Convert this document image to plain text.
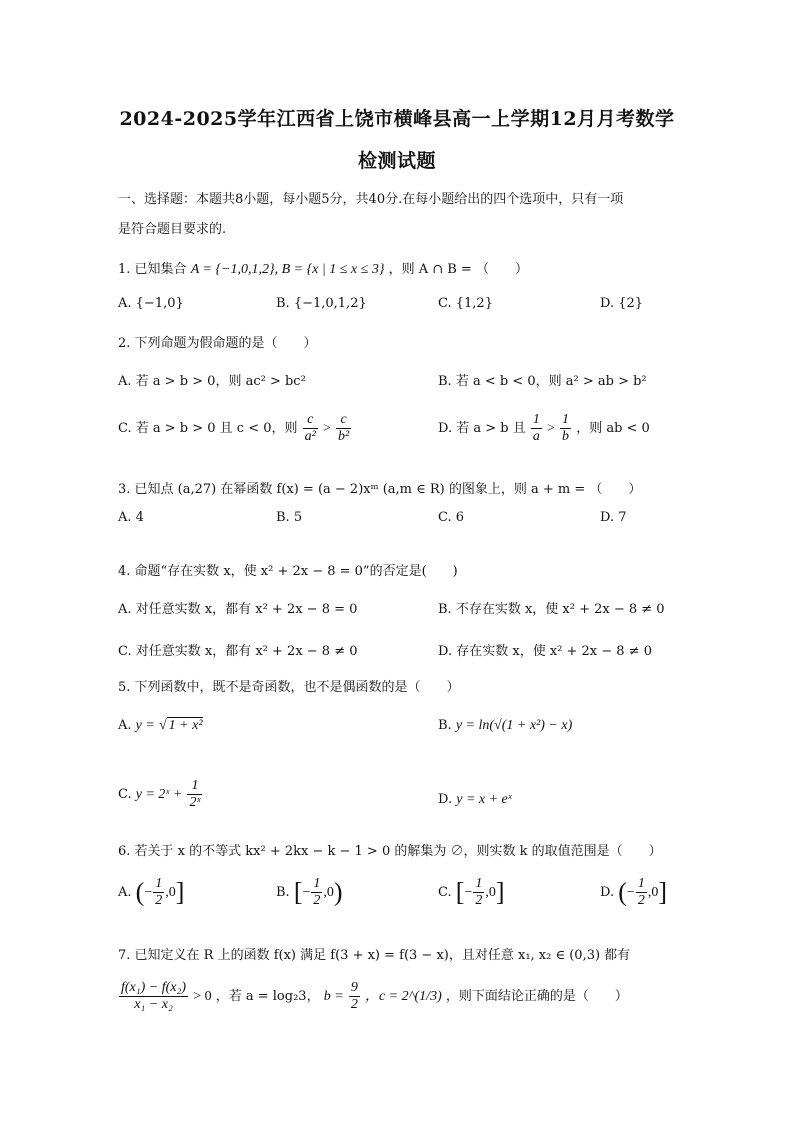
2024-2025学年江西省上饶市横峰县高一上学期12月月考数学
检测试题
一、选择题：本题共8小题，每小题5分，共40分.在每小题给出的四个选项中，只有一项
是符合题目要求的.
1. 已知集合 A = {−1,0,1,2}, B = {x | 1 ≤ x ≤ 3} ，则 A ∩ B = （　　）
A. {−1,0}	B. {−1,0,1,2}	C. {1,2}	D. {2}
2. 下列命题为假命题的是（　　）
A. 若 a > b > 0，则 ac² > bc²	B. 若 a < b < 0，则 a² > ab > b²
C. 若 a > b > 0 且 c < 0，则 $\frac{c}{\text{a²}} > \frac{c}{\text{b²}}$	D. 若 a > b 且 $\frac{1}{a} > \frac{1}{b}$ ，则 ab < 0
3. 已知点 (a,27) 在幂函数 f(x) = (a − 2)xᵐ (a,m ∈ R) 的图象上，则 a + m = （　　）
A. 4	B. 5	C. 6	D. 7
4. 命题“存在实数 x，使 x² + 2x − 8 = 0”的否定是(　　)
A. 对任意实数 x，都有 x² + 2x − 8 = 0	B. 不存在实数 x，使 x² + 2x − 8 ≠ 0
C. 对任意实数 x，都有 x² + 2x − 8 ≠ 0	D. 存在实数 x，使 x² + 2x − 8 ≠ 0
5. 下列函数中，既不是奇函数，也不是偶函数的是（　　）
A. y = √ 1 + x²	B. y = ln(√(1 + x²) − x)
C. y = 2ˣ + $\frac{1}{\text{2ˣ}}$	D. y = x + eˣ
6. 若关于 x 的不等式 kx² + 2kx − k − 1 > 0 的解集为 ∅，则实数 k 的取值范围是（　　）
A. (− $\frac{1}{2} ,0$]	B. [− $\frac{1}{2} ,0$)	C. [− $\frac{1}{2} ,0$]	D. (− $\frac{1}{2} ,0$]
7. 已知定义在 R 上的函数 f(x) 满足 f(3 + x) = f(3 − x)，且对任意 x₁, x₂ ∈ (0,3) 都有
$\frac{\text{f(x₁) − f(x₂)}}{\text{x₁ − x₂}} > 0$ ，若 a = log₂3， $b = \frac{9}{2}$ ，c = 2^(1/3) ，则下面结论正确的是（　　）
